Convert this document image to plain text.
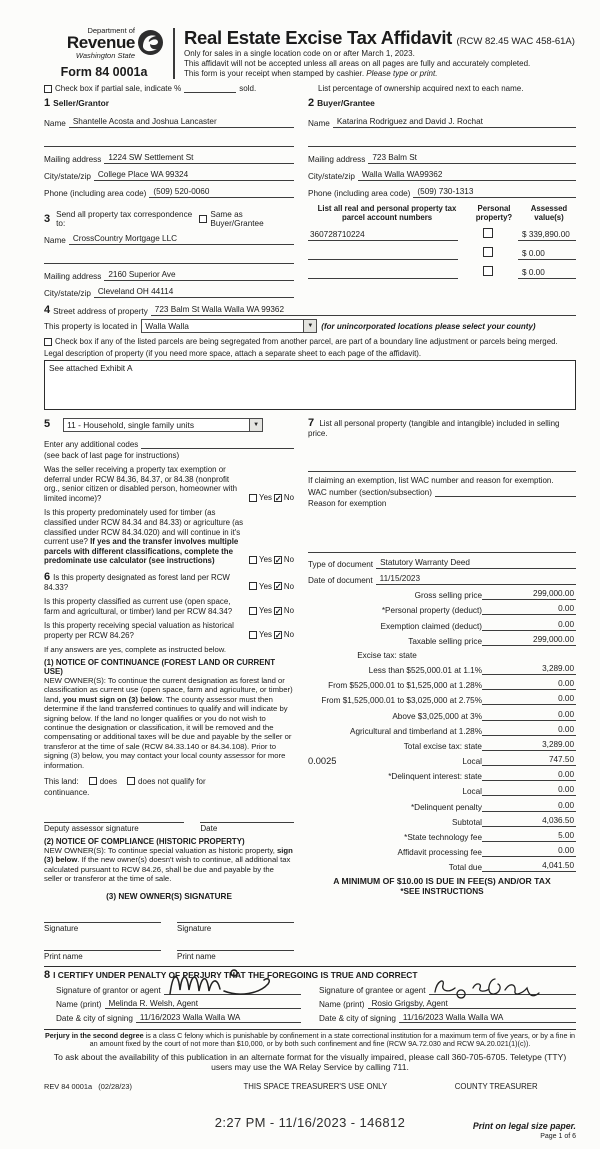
Department of
Revenue
Washington State
Form 84 0001a
Real Estate Excise Tax Affidavit (RCW 82.45 WAC 458-61A)
Only for sales in a single location code on or after March 1, 2023.
This affidavit will not be accepted unless all areas on all pages are fully and accurately completed.
This form is your receipt when stamped by cashier. Please type or print.
Check box if partial sale, indicate %	sold.	List percentage of ownership acquired next to each name.
1 Seller/Grantor
Name Shantelle Acosta and Joshua Lancaster
Mailing address 1224 SW Settlement St
City/state/zip College Place WA 99324
Phone (including area code) (509) 520-0060
3 Send all property tax correspondence to:
Same as Buyer/Grantee
Name CrossCountry Mortgage LLC
Mailing address 2160 Superior Ave
City/state/zip Cleveland OH 44114
2 Buyer/Grantee
Name Katarina Rodriguez and David J. Rochat
Mailing address 723 Balm St
City/state/zip Walla Walla WA99362
Phone (including area code) (509) 730-1313
List all real and personal property tax parcel account numbers
Personal property?
Assessed value(s)
360728710224	$ 339,890.00
$ 0.00
$ 0.00
4 Street address of property 723 Balm St Walla Walla WA 99362
This property is located in Walla Walla	▼	(for unincorporated locations please select your county)
Check box if any of the listed parcels are being segregated from another parcel, are part of a boundary line adjustment or parcels being merged.
Legal description of property (if you need more space, attach a separate sheet to each page of the affidavit).
See attached Exhibit A
5	11 - Household, single family units	▼
Enter any additional codes
(see back of last page for instructions)
Was the seller receiving a property tax exemption or deferral under RCW 84.36, 84.37, or 84.38 (nonprofit org., senior citizen or disabled person, homeowner with limited income)?	Yes ✓ No
Is this property predominately used for timber (as classified under RCW 84.34 and 84.33) or agriculture (as classified under RCW 84.34.020) and will continue in it's current use? If yes and the transfer involves multiple parcels with different classifications, complete the predominate use calculator (see instructions)	Yes ✓ No
6 Is this property designated as forest land per RCW 84.33?	Yes ✓ No
Is this property classified as current use (open space, farm and agricultural, or timber) land per RCW 84.34?	Yes ✓ No
Is this property receiving special valuation as historical property per RCW 84.26?	Yes ✓ No
If any answers are yes, complete as instructed below.
(1) NOTICE OF CONTINUANCE (FOREST LAND OR CURRENT USE)
NEW OWNER(S): To continue the current designation as forest land or classification as current use (open space, farm and agriculture, or timber) land, you must sign on (3) below. The county assessor must then determine if the land transferred continues to qualify and will indicate by signing below. If the land no longer qualifies or you do not wish to continue the designation or classification, it will be removed and the compensating or additional taxes will be due and payable by the seller or transferor at the time of sale (RCW 84.33.140 or 84.34.108). Prior to signing (3) below, you may contact your local county assessor for more information.
This land:	does	does not qualify for
continuance.
Deputy assessor signature	Date
(2) NOTICE OF COMPLIANCE (HISTORIC PROPERTY)
NEW OWNER(S): To continue special valuation as historic property, sign (3) below. If the new owner(s) doesn't wish to continue, all additional tax calculated pursuant to RCW 84.26, shall be due and payable by the seller or transferor at the time of sale.
(3) NEW OWNER(S) SIGNATURE
Signature	Signature
Print name	Print name
7 List all personal property (tangible and intangible) included in selling price.
If claiming an exemption, list WAC number and reason for exemption.
WAC number (section/subsection)
Reason for exemption
Type of document Statutory Warranty Deed
Date of document 11/15/2023
Gross selling price	299,000.00
*Personal property (deduct)	0.00
Exemption claimed (deduct)	0.00
Taxable selling price	299,000.00
Excise tax: state
Less than $525,000.01 at 1.1%	3,289.00
From $525,000.01 to $1,525,000 at 1.28%	0.00
From $1,525,000.01 to $3,025,000 at 2.75%	0.00
Above $3,025,000 at 3%	0.00
Agricultural and timberland at 1.28%	0.00
Total excise tax: state	3,289.00
0.0025	Local	747.50
*Delinquent interest: state	0.00
Local	0.00
*Delinquent penalty	0.00
Subtotal	4,036.50
*State technology fee	5.00
Affidavit processing fee	0.00
Total due	4,041.50
A MINIMUM OF $10.00 IS DUE IN FEE(S) AND/OR TAX
*SEE INSTRUCTIONS
8 I CERTIFY UNDER PENALTY OF PERJURY THAT THE FOREGOING IS TRUE AND CORRECT
Signature of grantor or agent
Name (print) Melinda R. Welsh, Agent
Date & city of signing 11/16/2023 Walla Walla WA
Signature of grantee or agent
Name (print) Rosio Grigsby, Agent
Date & city of signing 11/16/2023 Walla Walla WA
Perjury in the second degree is a class C felony which is punishable by confinement in a state correctional institution for a maximum term of five years, or by a fine in an amount fixed by the court of not more than $10,000, or by both such confinement and fine (RCW 9A.72.030 and RCW 9A.20.021(1)(c)).
To ask about the availability of this publication in an alternate format for the visually impaired, please call 360-705-6705. Teletype (TTY) users may use the WA Relay Service by calling 711.
REV 84 0001a (02/28/23)	THIS SPACE TREASURER'S USE ONLY	COUNTY TREASURER
2:27 PM - 11/16/2023 - 146812	Print on legal size paper.
Page 1 of 6
